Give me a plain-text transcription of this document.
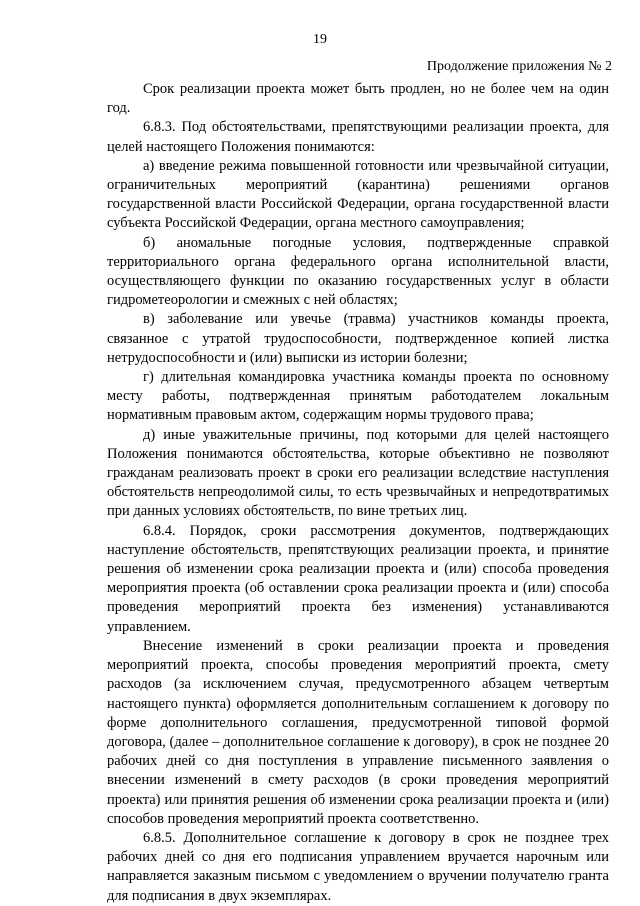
19
Продолжение приложения № 2

Срок реализации проекта может быть продлен, но не более чем на один год.

6.8.3. Под обстоятельствами, препятствующими реализации проекта, для целей настоящего Положения понимаются:

а) введение режима повышенной готовности или чрезвычайной ситуации, ограничительных мероприятий (карантина) решениями органов государственной власти Российской Федерации, органа государственной власти субъекта Российской Федерации, органа местного самоуправления;

б) аномальные погодные условия, подтвержденные справкой территориального органа федерального органа исполнительной власти, осуществляющего функции по оказанию государственных услуг в области гидрометеорологии и смежных с ней областях;

в) заболевание или увечье (травма) участников команды проекта, связанное с утратой трудоспособности, подтвержденное копией листка нетрудоспособности и (или) выписки из истории болезни;

г) длительная командировка участника команды проекта по основному месту работы, подтвержденная принятым работодателем локальным нормативным правовым актом, содержащим нормы трудового права;

д) иные уважительные причины, под которыми для целей настоящего Положения понимаются обстоятельства, которые объективно не позволяют гражданам реализовать проект в сроки его реализации вследствие наступления обстоятельств непреодолимой силы, то есть чрезвычайных и непредотвратимых при данных условиях обстоятельств, по вине третьих лиц.

6.8.4. Порядок, сроки рассмотрения документов, подтверждающих наступление обстоятельств, препятствующих реализации проекта, и принятие решения об изменении срока реализации проекта и (или) способа проведения мероприятия проекта (об оставлении срока реализации проекта и (или) способа проведения мероприятий проекта без изменения) устанавливаются управлением.

Внесение изменений в сроки реализации проекта и проведения мероприятий проекта, способы проведения мероприятий проекта, смету расходов (за исключением случая, предусмотренного абзацем четвертым настоящего пункта) оформляется дополнительным соглашением к договору по форме дополнительного соглашения, предусмотренной типовой формой договора, (далее – дополнительное соглашение к договору), в срок не позднее 20 рабочих дней со дня поступления в управление письменного заявления о внесении изменений в смету расходов (в сроки проведения мероприятий проекта) или принятия решения об изменении срока реализации проекта и (или) способов проведения мероприятий проекта соответственно.

6.8.5. Дополнительное соглашение к договору в срок не позднее трех рабочих дней со дня его подписания управлением вручается нарочным или направляется заказным письмом с уведомлением о вручении получателю гранта для подписания в двух экземплярах.
